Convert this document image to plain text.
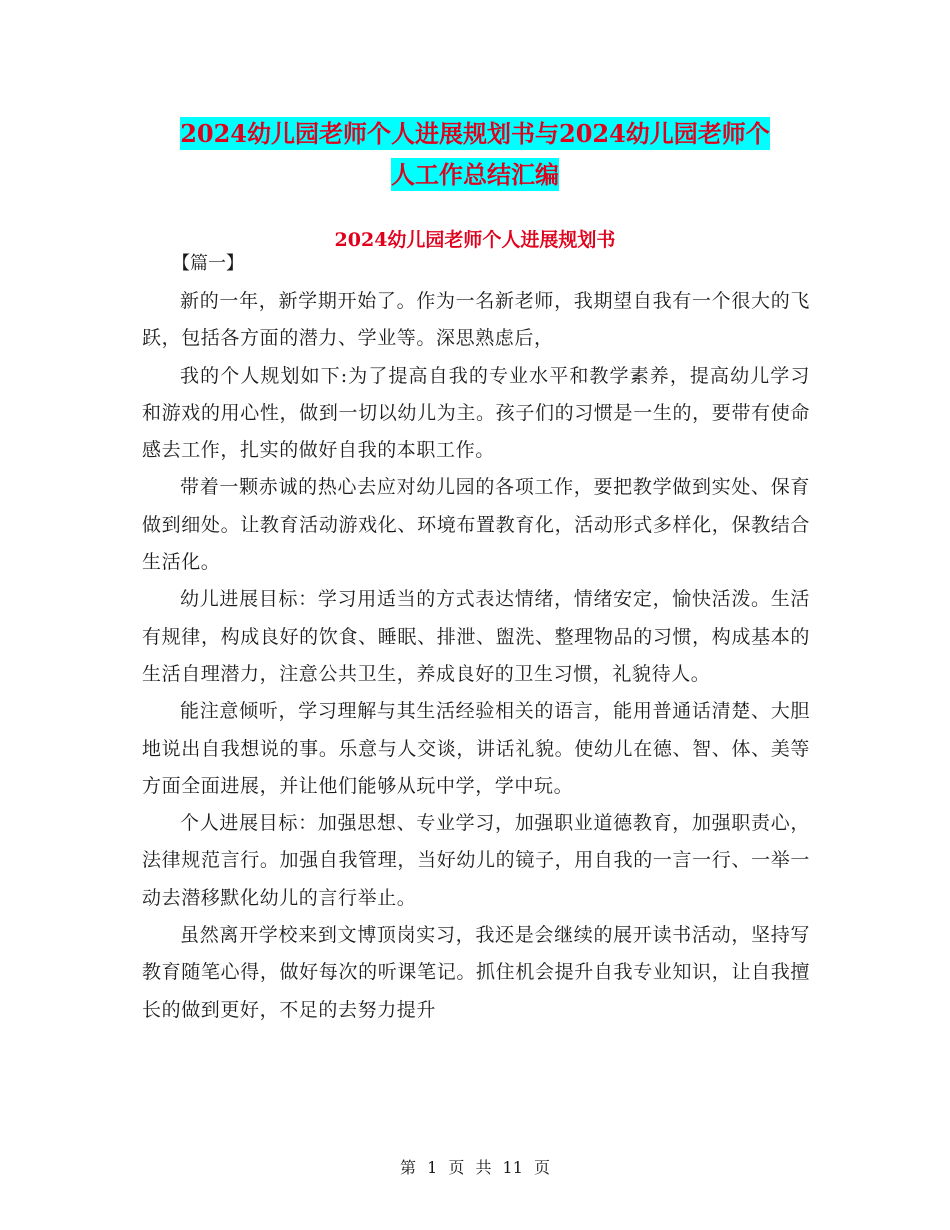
2024幼儿园老师个人进展规划书与2024幼儿园老师个
人工作总结汇编
2024幼儿园老师个人进展规划书
【篇一】

新的一年，新学期开始了。作为一名新老师，我期望自我有一个很大的飞跃，包括各方面的潜力、学业等。深思熟虑后，

我的个人规划如下:为了提高自我的专业水平和教学素养，提高幼儿学习和游戏的用心性，做到一切以幼儿为主。孩子们的习惯是一生的，要带有使命感去工作，扎实的做好自我的本职工作。

带着一颗赤诚的热心去应对幼儿园的各项工作，要把教学做到实处、保育做到细处。让教育活动游戏化、环境布置教育化，活动形式多样化，保教结合生活化。

幼儿进展目标：学习用适当的方式表达情绪，情绪安定，愉快活泼。生活有规律，构成良好的饮食、睡眠、排泄、盥洗、整理物品的习惯，构成基本的生活自理潜力，注意公共卫生，养成良好的卫生习惯，礼貌待人。

能注意倾听，学习理解与其生活经验相关的语言，能用普通话清楚、大胆地说出自我想说的事。乐意与人交谈，讲话礼貌。使幼儿在德、智、体、美等方面全面进展，并让他们能够从玩中学，学中玩。

个人进展目标：加强思想、专业学习，加强职业道德教育，加强职责心，法律规范言行。加强自我管理，当好幼儿的镜子，用自我的一言一行、一举一动去潜移默化幼儿的言行举止。

虽然离开学校来到文博顶岗实习，我还是会继续的展开读书活动，坚持写教育随笔心得，做好每次的听课笔记。抓住机会提升自我专业知识，让自我擅长的做到更好，不足的去努力提升

第 1 页 共 11 页
